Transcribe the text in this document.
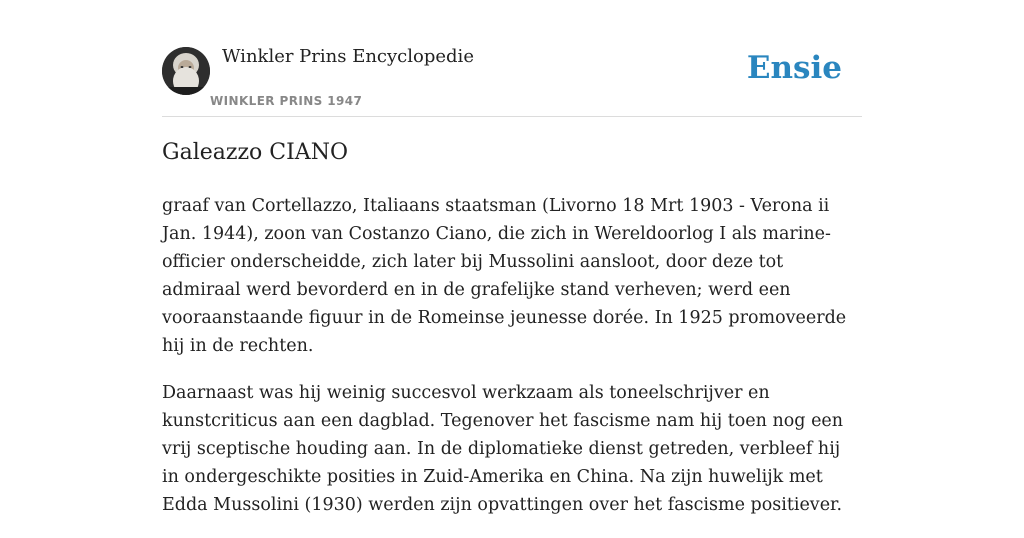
Winkler Prins Encyclopedie
WINKLER PRINS 1947
Ensie
Galeazzo CIANO

graaf van Cortellazzo, Italiaans staatsman (Livorno 18 Mrt 1903 - Verona ii Jan. 1944), zoon van Costanzo Ciano, die zich in Wereldoorlog I als marine-officier onderscheidde, zich later bij Mussolini aansloot, door deze tot admiraal werd bevorderd en in de grafelijke stand verheven; werd een vooraanstaande figuur in de Romeinse jeunesse dorée. In 1925 promoveerde hij in de rechten.

Daarnaast was hij weinig succesvol werkzaam als toneelschrijver en kunstcriticus aan een dagblad. Tegenover het fascisme nam hij toen nog een vrij sceptische houding aan. In de diplomatieke dienst getreden, verbleef hij in ondergeschikte posities in Zuid-Amerika en China. Na zijn huwelijk met Edda Mussolini (1930) werden zijn opvattingen over het fascisme positiever.
